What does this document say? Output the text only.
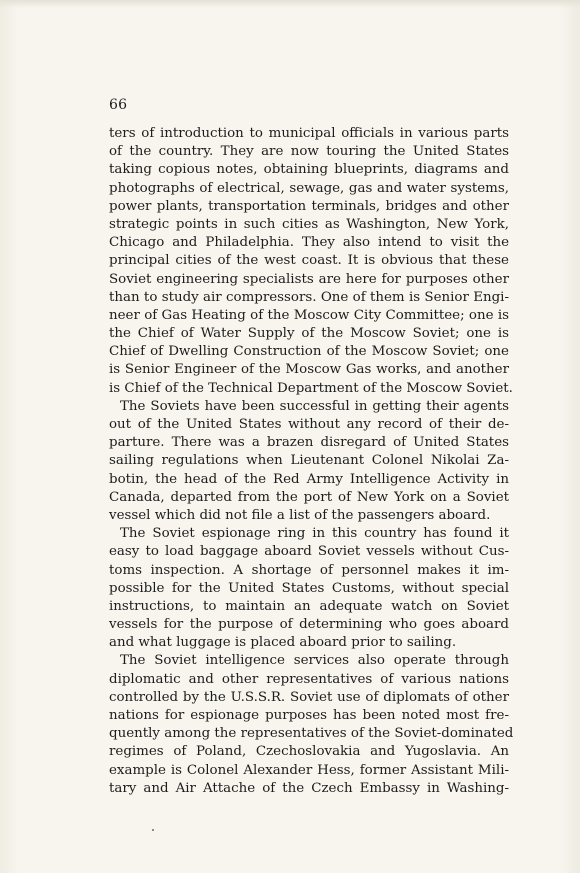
66
ters of introduction to municipal officials in various parts
of the country. They are now touring the United States
taking copious notes, obtaining blueprints, diagrams and
photographs of electrical, sewage, gas and water systems,
power plants, transportation terminals, bridges and other
strategic points in such cities as Washington, New York,
Chicago and Philadelphia. They also intend to visit the
principal cities of the west coast. It is obvious that these
Soviet engineering specialists are here for purposes other
than to study air compressors. One of them is Senior Engi-
neer of Gas Heating of the Moscow City Committee; one is
the Chief of Water Supply of the Moscow Soviet; one is
Chief of Dwelling Construction of the Moscow Soviet; one
is Senior Engineer of the Moscow Gas works, and another
is Chief of the Technical Department of the Moscow Soviet.
The Soviets have been successful in getting their agents
out of the United States without any record of their de-
parture. There was a brazen disregard of United States
sailing regulations when Lieutenant Colonel Nikolai Za-
botin, the head of the Red Army Intelligence Activity in
Canada, departed from the port of New York on a Soviet
vessel which did not file a list of the passengers aboard.
The Soviet espionage ring in this country has found it
easy to load baggage aboard Soviet vessels without Cus-
toms inspection. A shortage of personnel makes it im-
possible for the United States Customs, without special
instructions, to maintain an adequate watch on Soviet
vessels for the purpose of determining who goes aboard
and what luggage is placed aboard prior to sailing.
The Soviet intelligence services also operate through
diplomatic and other representatives of various nations
controlled by the U.S.S.R. Soviet use of diplomats of other
nations for espionage purposes has been noted most fre-
quently among the representatives of the Soviet-dominated
regimes of Poland, Czechoslovakia and Yugoslavia. An
example is Colonel Alexander Hess, former Assistant Mili-
tary and Air Attache of the Czech Embassy in Washing-
